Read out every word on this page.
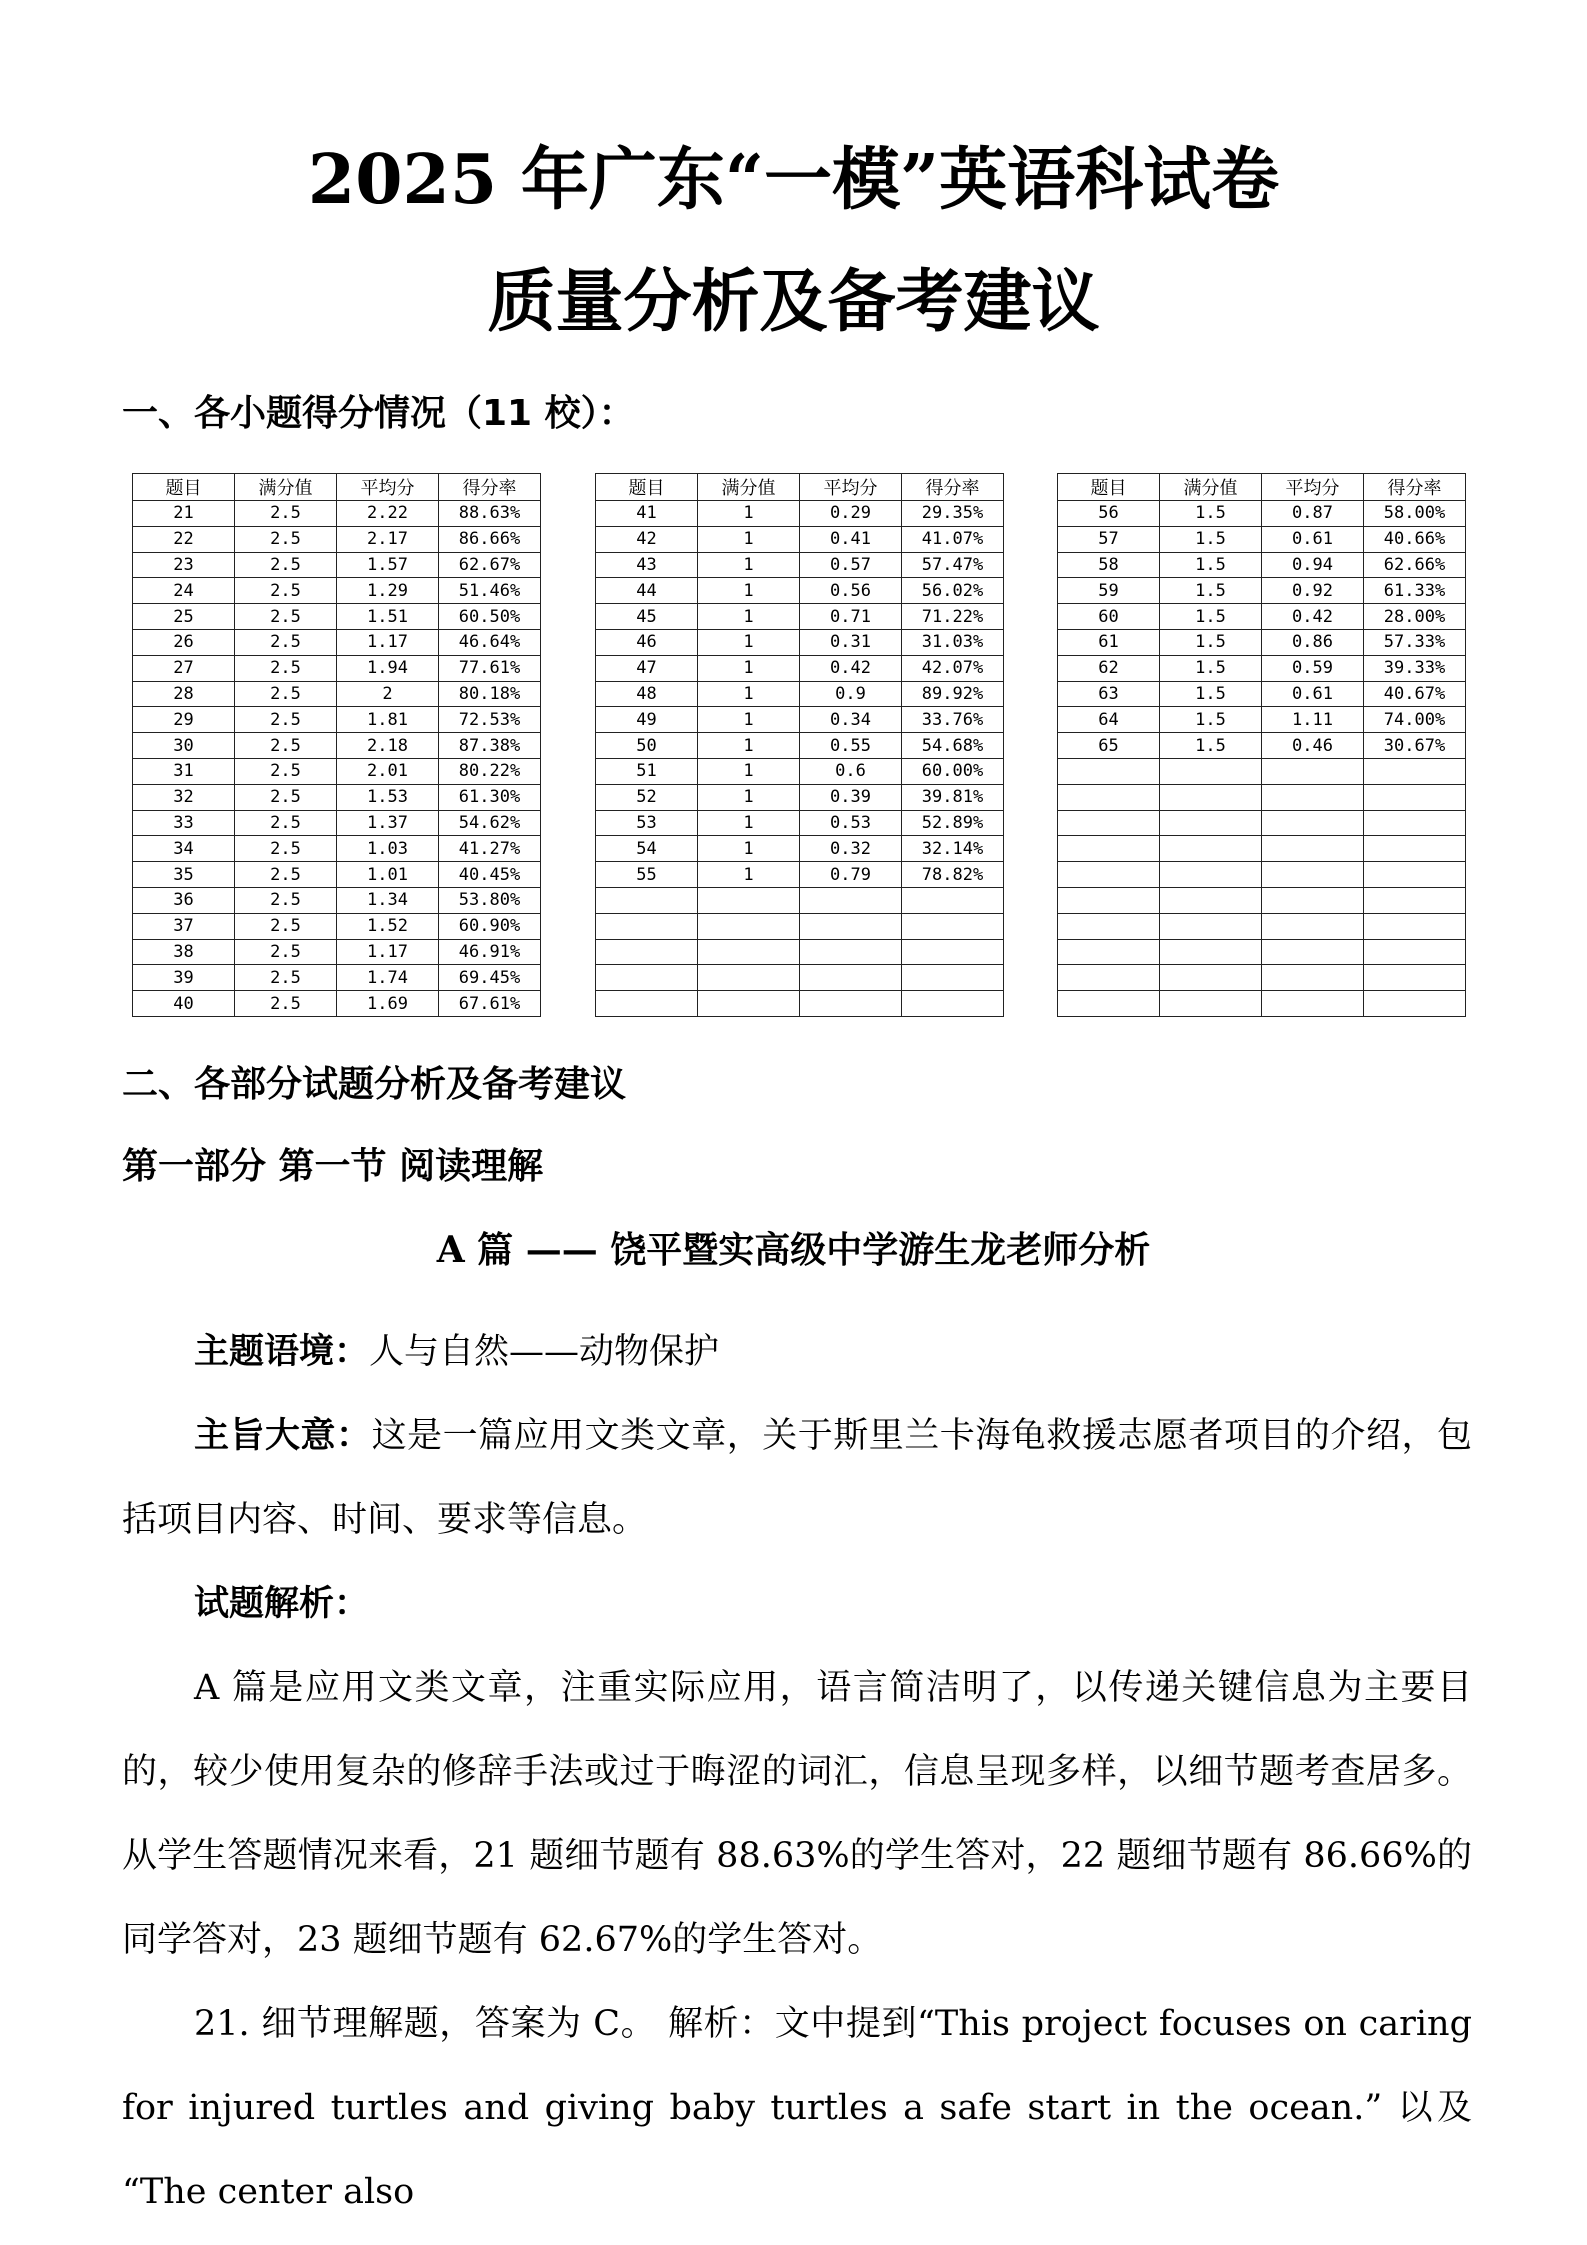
2025 年广东“一模”英语科试卷
质量分析及备考建议
一、各小题得分情况（11 校）：
题目	满分值	平均分	得分率
21	2.5	2.22	88.63%
22	2.5	2.17	86.66%
23	2.5	1.57	62.67%
24	2.5	1.29	51.46%
25	2.5	1.51	60.50%
26	2.5	1.17	46.64%
27	2.5	1.94	77.61%
28	2.5	2	80.18%
29	2.5	1.81	72.53%
30	2.5	2.18	87.38%
31	2.5	2.01	80.22%
32	2.5	1.53	61.30%
33	2.5	1.37	54.62%
34	2.5	1.03	41.27%
35	2.5	1.01	40.45%
36	2.5	1.34	53.80%
37	2.5	1.52	60.90%
38	2.5	1.17	46.91%
39	2.5	1.74	69.45%
40	2.5	1.69	67.61%
题目	满分值	平均分	得分率
41	1	0.29	29.35%
42	1	0.41	41.07%
43	1	0.57	57.47%
44	1	0.56	56.02%
45	1	0.71	71.22%
46	1	0.31	31.03%
47	1	0.42	42.07%
48	1	0.9	89.92%
49	1	0.34	33.76%
50	1	0.55	54.68%
51	1	0.6	60.00%
52	1	0.39	39.81%
53	1	0.53	52.89%
54	1	0.32	32.14%
55	1	0.79	78.82%

题目	满分值	平均分	得分率
56	1.5	0.87	58.00%
57	1.5	0.61	40.66%
58	1.5	0.94	62.66%
59	1.5	0.92	61.33%
60	1.5	0.42	28.00%
61	1.5	0.86	57.33%
62	1.5	0.59	39.33%
63	1.5	0.61	40.67%
64	1.5	1.11	74.00%
65	1.5	0.46	30.67%

二、各部分试题分析及备考建议
第一部分 第一节 阅读理解
A 篇 —— 饶平暨实高级中学游生龙老师分析

主题语境：人与自然——动物保护

主旨大意：这是一篇应用文类文章，关于斯里兰卡海龟救援志愿者项目的介绍，包括项目内容、时间、要求等信息。

试题解析：

A 篇是应用文类文章，注重实际应用，语言简洁明了，以传递关键信息为主要目的，较少使用复杂的修辞手法或过于晦涩的词汇，信息呈现多样，以细节题考查居多。从学生答题情况来看，21 题细节题有 88.63%的学生答对，22 题细节题有 86.66%的同学答对，23 题细节题有 62.67%的学生答对。

21. 细节理解题，答案为 C。 解析：文中提到“This project focuses on caring for injured turtles and giving baby turtles a safe start in the ocean.” 以及 “The center also
